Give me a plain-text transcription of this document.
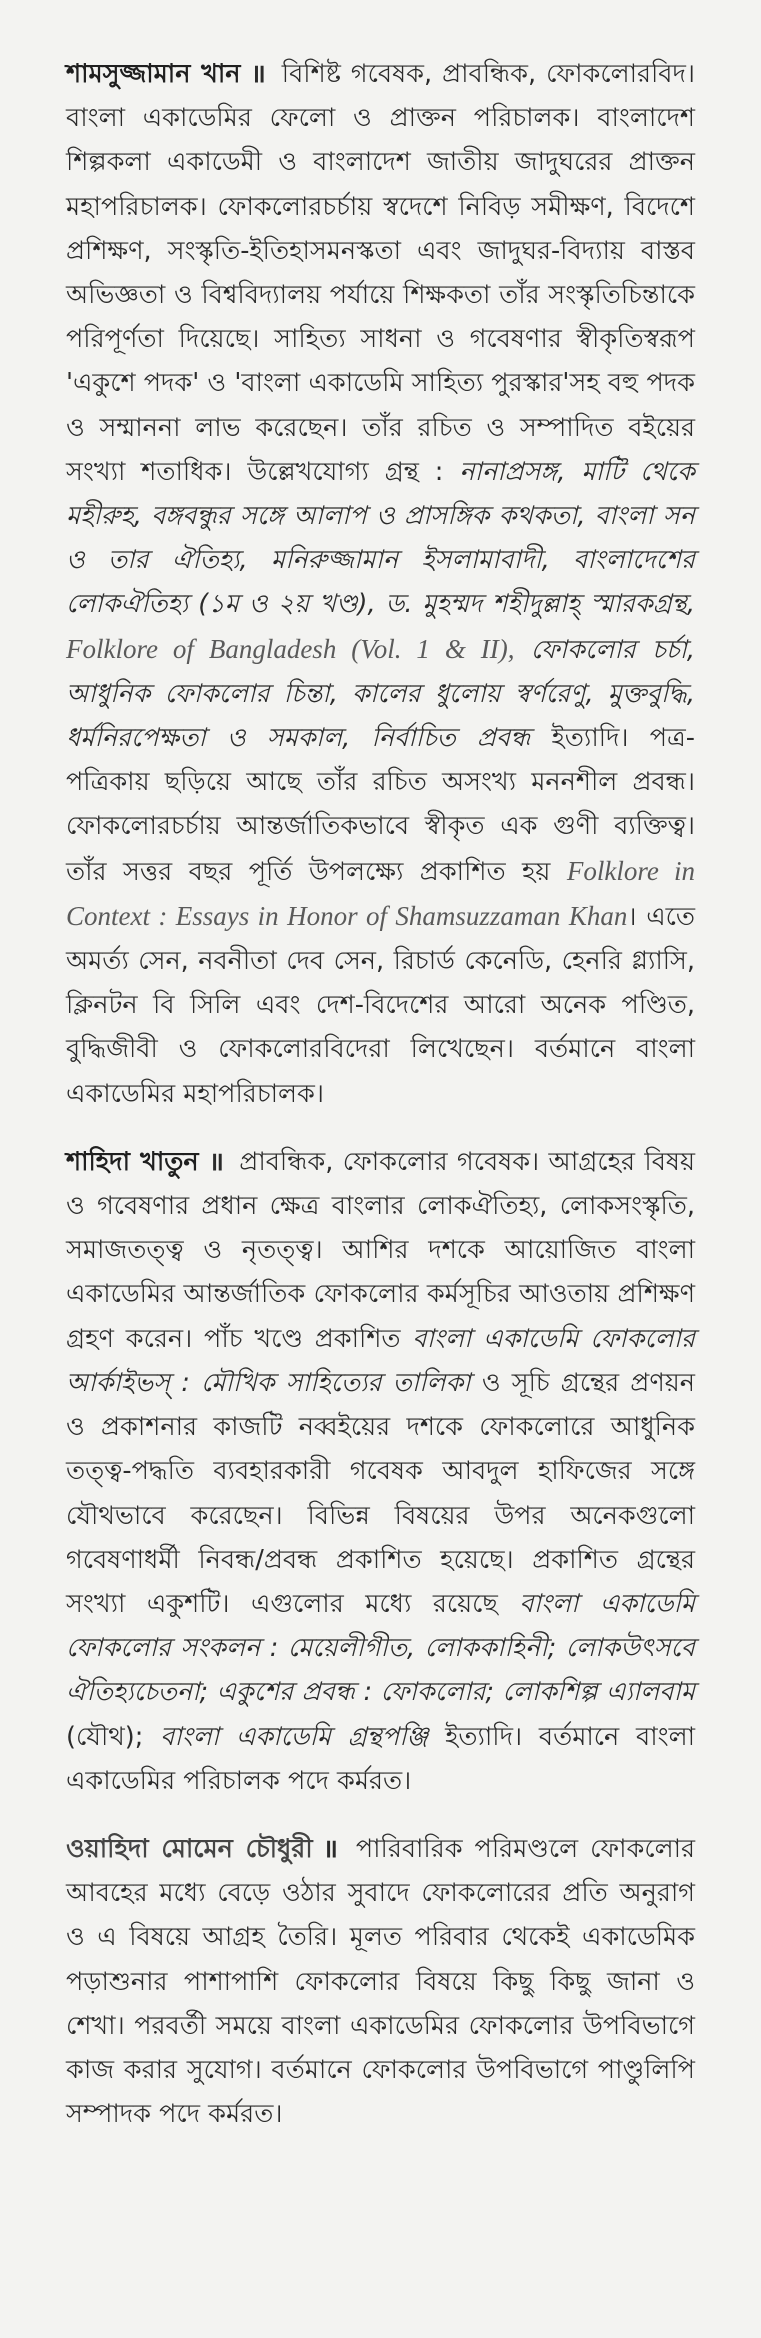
শামসুজ্জামান খান ॥ বিশিষ্ট গবেষক, প্রাবন্ধিক, ফোকলোরবিদ। বাংলা একাডেমির ফেলো ও প্রাক্তন পরিচালক। বাংলাদেশ শিল্পকলা একাডেমী ও বাংলাদেশ জাতীয় জাদুঘরের প্রাক্তন মহাপরিচালক। ফোকলোরচর্চায় স্বদেশে নিবিড় সমীক্ষণ, বিদেশে প্রশিক্ষণ, সংস্কৃতি-ইতিহাসমনস্কতা এবং জাদুঘর-বিদ্যায় বাস্তব অভিজ্ঞতা ও বিশ্ববিদ্যালয় পর্যায়ে শিক্ষকতা তাঁর সংস্কৃতিচিন্তাকে পরিপূর্ণতা দিয়েছে। সাহিত্য সাধনা ও গবেষণার স্বীকৃতিস্বরূপ 'একুশে পদক' ও 'বাংলা একাডেমি সাহিত্য পুরস্কার'সহ বহু পদক ও সম্মাননা লাভ করেছেন। তাঁর রচিত ও সম্পাদিত বইয়ের সংখ্যা শতাধিক। উল্লেখযোগ্য গ্রন্থ : নানাপ্রসঙ্গ, মাটি থেকে মহীরুহ, বঙ্গবন্ধুর সঙ্গে আলাপ ও প্রাসঙ্গিক কথকতা, বাংলা সন ও তার ঐতিহ্য, মনিরুজ্জামান ইসলামাবাদী, বাংলাদেশের লোকঐতিহ্য (১ম ও ২য় খণ্ড), ড. মুহম্মদ শহীদুল্লাহ্ স্মারকগ্রন্থ, Folklore of Bangladesh (Vol. 1 & II), ফোকলোর চর্চা, আধুনিক ফোকলোর চিন্তা, কালের ধুলোয় স্বর্ণরেণু, মুক্তবুদ্ধি, ধর্মনিরপেক্ষতা ও সমকাল, নির্বাচিত প্রবন্ধ ইত্যাদি। পত্র-পত্রিকায় ছড়িয়ে আছে তাঁর রচিত অসংখ্য মননশীল প্রবন্ধ। ফোকলোরচর্চায় আন্তর্জাতিকভাবে স্বীকৃত এক গুণী ব্যক্তিত্ব। তাঁর সত্তর বছর পূর্তি উপলক্ষ্যে প্রকাশিত হয় Folklore in Context : Essays in Honor of Shamsuzzaman Khan। এতে অমর্ত্য সেন, নবনীতা দেব সেন, রিচার্ড কেনেডি, হেনরি গ্ল্যাসি, ক্লিনটন বি সিলি এবং দেশ-বিদেশের আরো অনেক পণ্ডিত, বুদ্ধিজীবী ও ফোকলোরবিদেরা লিখেছেন। বর্তমানে বাংলা একাডেমির মহাপরিচালক।

শাহিদা খাতুন ॥ প্রাবন্ধিক, ফোকলোর গবেষক। আগ্রহের বিষয় ও গবেষণার প্রধান ক্ষেত্র বাংলার লোকঐতিহ্য, লোকসংস্কৃতি, সমাজতত্ত্ব ও নৃতত্ত্ব। আশির দশকে আয়োজিত বাংলা একাডেমির আন্তর্জাতিক ফোকলোর কর্মসূচির আওতায় প্রশিক্ষণ গ্রহণ করেন। পাঁচ খণ্ডে প্রকাশিত বাংলা একাডেমি ফোকলোর আর্কাইভস্ : মৌখিক সাহিত্যের তালিকা ও সূচি গ্রন্থের প্রণয়ন ও প্রকাশনার কাজটি নব্বইয়ের দশকে ফোকলোরে আধুনিক তত্ত্ব-পদ্ধতি ব্যবহারকারী গবেষক আবদুল হাফিজের সঙ্গে যৌথভাবে করেছেন। বিভিন্ন বিষয়ের উপর অনেকগুলো গবেষণাধর্মী নিবন্ধ/প্রবন্ধ প্রকাশিত হয়েছে। প্রকাশিত গ্রন্থের সংখ্যা একুশটি। এগুলোর মধ্যে রয়েছে বাংলা একাডেমি ফোকলোর সংকলন : মেয়েলীগীত, লোককাহিনী; লোকউৎসবে ঐতিহ্যচেতনা; একুশের প্রবন্ধ : ফোকলোর; লোকশিল্প এ্যালবাম (যৌথ); বাংলা একাডেমি গ্রন্থপঞ্জি ইত্যাদি। বর্তমানে বাংলা একাডেমির পরিচালক পদে কর্মরত।

ওয়াহিদা মোমেন চৌধুরী ॥ পারিবারিক পরিমণ্ডলে ফোকলোর আবহের মধ্যে বেড়ে ওঠার সুবাদে ফোকলোরের প্রতি অনুরাগ ও এ বিষয়ে আগ্রহ তৈরি। মূলত পরিবার থেকেই একাডেমিক পড়াশুনার পাশাপাশি ফোকলোর বিষয়ে কিছু কিছু জানা ও শেখা। পরবর্তী সময়ে বাংলা একাডেমির ফোকলোর উপবিভাগে কাজ করার সুযোগ। বর্তমানে ফোকলোর উপবিভাগে পাণ্ডুলিপি সম্পাদক পদে কর্মরত।
